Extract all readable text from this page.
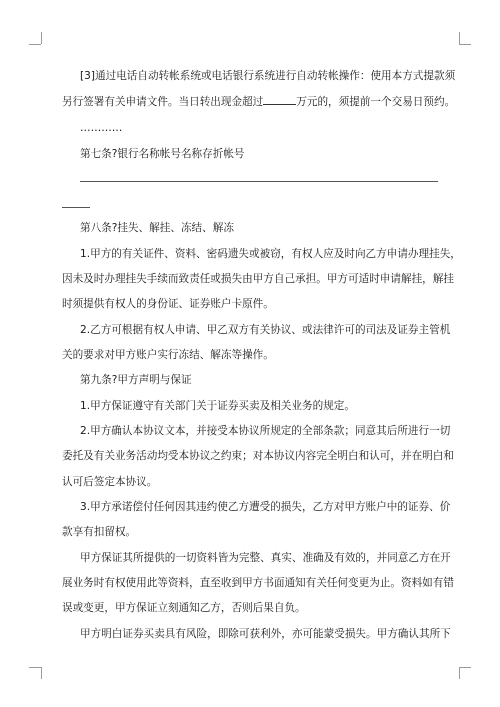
[3]通过电话自动转帐系统或电话银行系统进行自动转帐操作：使用本方式提款须
另行签署有关申请文件。当日转出现金超过	万元的，须提前一个交易日预约。
…………
第七条?银行名称帐号名称存折帐号
第八条?挂失、解挂、冻结、解冻
1.甲方的有关证件、资料、密码遗失或被窃，有权人应及时向乙方申请办理挂失，
因未及时办理挂失手续而致责任或损失由甲方自己承担。甲方可适时申请解挂，解挂
时须提供有权人的身份证、证券账户卡原件。
2.乙方可根据有权人申请、甲乙双方有关协议、或法律许可的司法及证券主管机
关的要求对甲方账户实行冻结、解冻等操作。
第九条?甲方声明与保证
1.甲方保证遵守有关部门关于证券买卖及相关业务的规定。
2.甲方确认本协议文本，并接受本协议所规定的全部条款；同意其后所进行一切
委托及有关业务活动均受本协议之约束；对本协议内容完全明白和认可，并在明白和
认可后签定本协议。
3.甲方承诺偿付任何因其违约使乙方遭受的损失，乙方对甲方账户中的证券、价
款享有扣留权。
甲方保证其所提供的一切资料皆为完整、真实、准确及有效的，并同意乙方在开
展业务时有权使用此等资料，直至收到甲方书面通知有关任何变更为止。资料如有错
误或变更，甲方保证立刻通知乙方，否则后果自负。
甲方明白证券买卖具有风险，即除可获利外，亦可能蒙受损失。甲方确认其所下
